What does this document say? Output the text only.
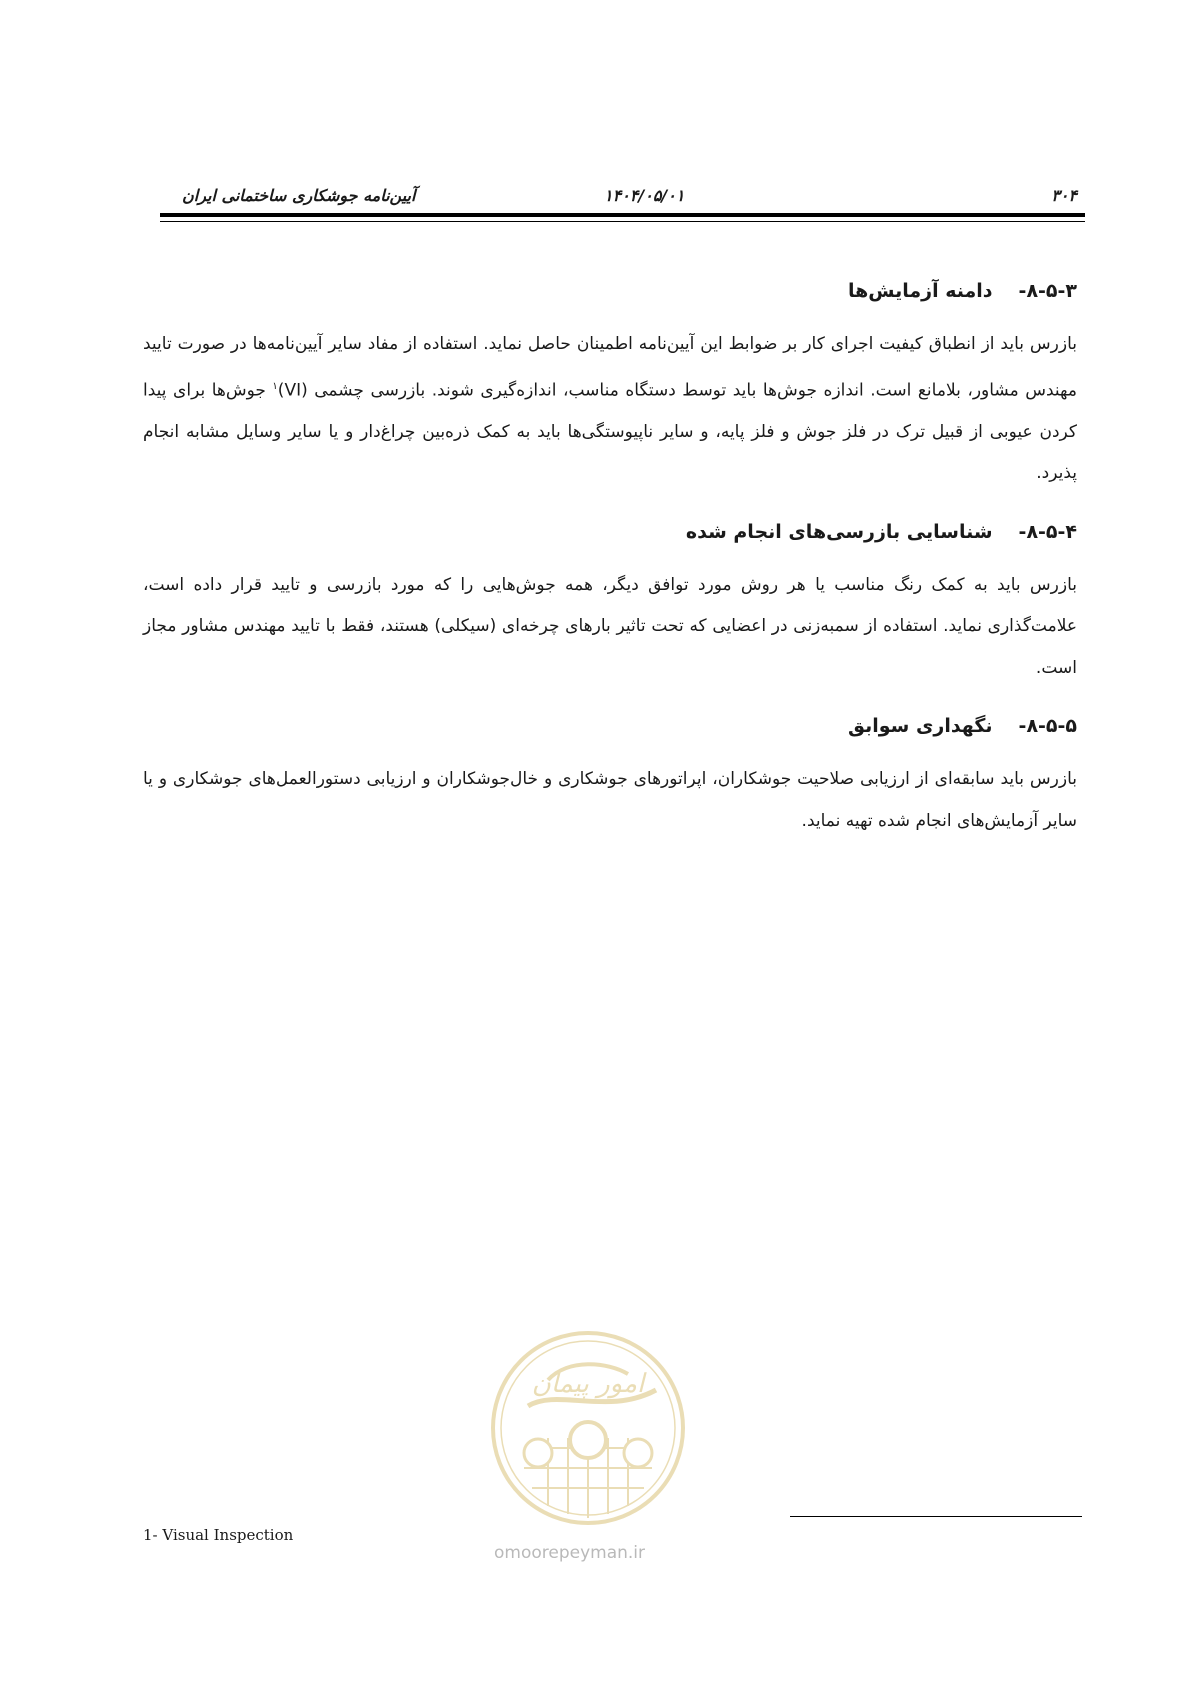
آیین‌نامه جوشکاری ساختمانی ایران	۱۴۰۴/۰۵/۰۱	۳۰۴
۸-۵-۳-دامنه آزمایش‌ها

بازرس باید از انطباق کیفیت اجرای کار بر ضوابط این آیین‌نامه اطمینان حاصل نماید. استفاده از مفاد سایر آیین‌نامه‌ها در صورت تایید مهندس مشاور، بلامانع است. اندازه جوش‌ها باید توسط دستگاه مناسب، اندازه‌گیری شوند. بازرسی چشمی (VI)$^۱$ جوش‌ها برای پیدا کردن عیوبی از قبیل ترک در فلز جوش و فلز پایه، و سایر ناپیوستگی‌ها باید به کمک ذره‌بین چراغ‌دار و یا سایر وسایل مشابه انجام پذیرد.

۸-۵-۴-شناسایی بازرسی‌های انجام شده

بازرس باید به کمک رنگ مناسب یا هر روش مورد توافق دیگر، همه جوش‌هایی را که مورد بازرسی و تایید قرار داده است، علامت‌گذاری نماید. استفاده از سمبه‌زنی در اعضایی که تحت تاثیر بارهای چرخه‌ای (سیکلی) هستند، فقط با تایید مهندس مشاور مجاز است.

۸-۵-۵-نگهداری سوابق

بازرس باید سابقه‌ای از ارزیابی صلاحیت جوشکاران، اپراتورهای جوشکاری و خال‌جوشکاران و ارزیابی دستورالعمل‌های جوشکاری و یا سایر آزمایش‌های انجام شده تهیه نماید.

1- Visual Inspection
امور پیمان
omoorepeyman.ir
